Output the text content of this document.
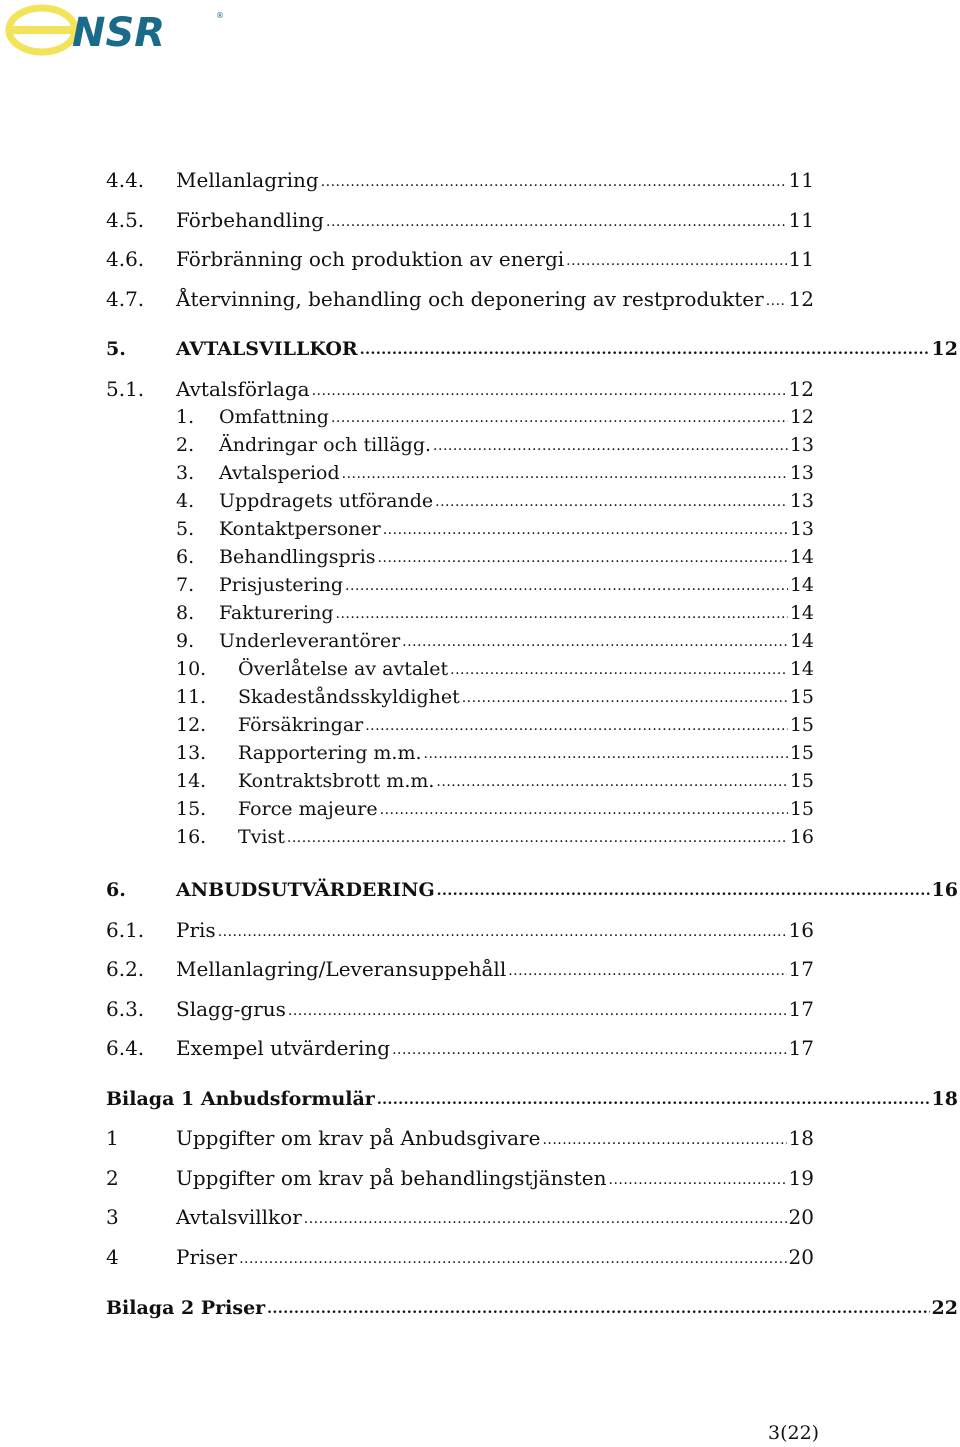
NSR	®
4.4.	Mellanlagring .....	11
4.5.	Förbehandling .....	11
4.6.	Förbränning och produktion av energi .....	11
4.7.	Återvinning, behandling och deponering av restprodukter ..... 12
5.	AVTALSVILLKOR .....	12
5.1.	Avtalsförlaga .....	12
1.	Omfattning .....	12
2.	Ändringar och tillägg. .....	13
3.	Avtalsperiod .....	13
4.	Uppdragets utförande .....	13
5.	Kontaktpersoner .....	13
6.	Behandlingspris .....	14
7.	Prisjustering .....	14
8.	Fakturering .....	14
9.	Underleverantörer .....	14
10.	Överlåtelse av avtalet .....	14
11.	Skadeståndsskyldighet .....	15
12.	Försäkringar .....	15
13.	Rapportering m.m. .....	15
14.	Kontraktsbrott m.m. .....	15
15.	Force majeure .....	15
16.	Tvist .....	16
6.	ANBUDSUTVÄRDERING .....	16
6.1.	Pris .....	16
6.2.	Mellanlagring/Leveransuppehåll .....	17
6.3.	Slagg-grus .....	17
6.4.	Exempel utvärdering .....	17
Bilaga 1 Anbudsformulär .....	18
1	Uppgifter om krav på Anbudsgivare .....	18
2	Uppgifter om krav på behandlingstjänsten .....	19
3	Avtalsvillkor .....	20
4	Priser .....	20
Bilaga 2 Priser .....	22
3(22)
